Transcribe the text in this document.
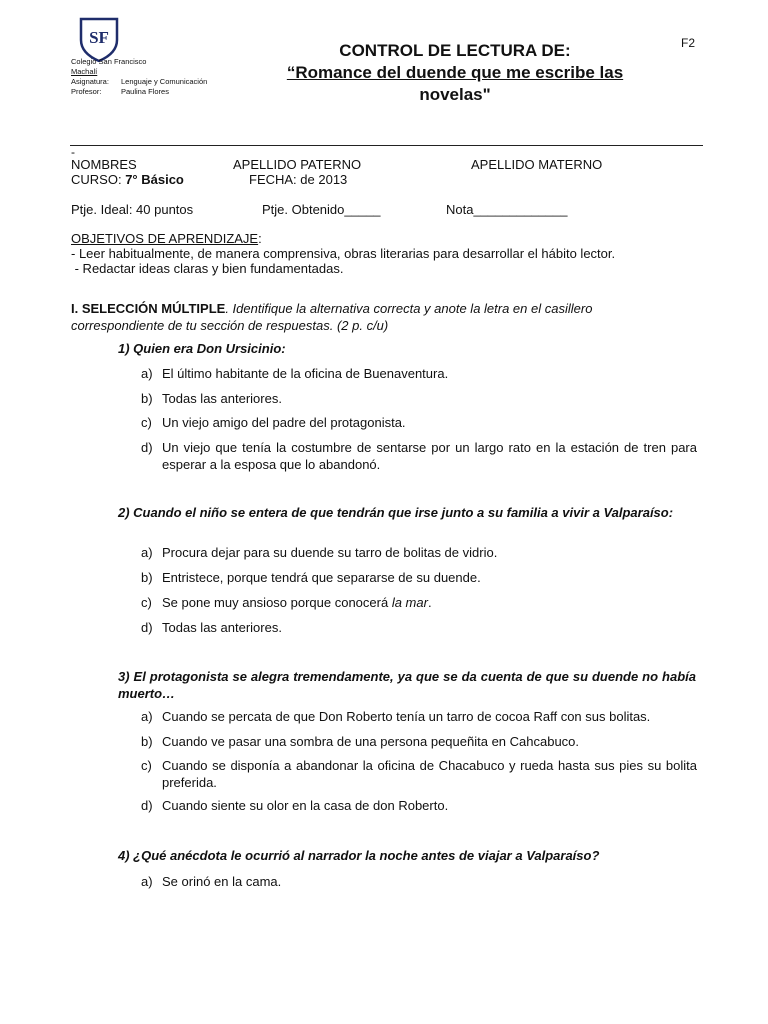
SF
Colegio San Francisco
Machalí
Asignatura: Lenguaje y Comunicación
Profesor:	Paulina Flores
F2
CONTROL DE LECTURA DE:
“Romance del duende que me escribe las
novelas"
-
NOMBRES	APELLIDO PATERNO	APELLIDO MATERNO
CURSO: 7° Básico	FECHA: de 2013
Ptje. Ideal: 40 puntos	Ptje. Obtenido_____	Nota_____________
OBJETIVOS DE APRENDIZAJE:
- Leer habitualmente, de manera comprensiva, obras literarias para desarrollar el hábito lector.
- Redactar ideas claras y bien fundamentadas.
I. SELECCIÓN MÚLTIPLE. Identifique la alternativa correcta y anote la letra en el casillero
correspondiente de tu sección de respuestas. (2 p. c/u)
1) Quien era Don Ursicinio:
a) El último habitante de la oficina de Buenaventura.
b) Todas las anteriores.
c) Un viejo amigo del padre del protagonista.
d) Un viejo que tenía la costumbre de sentarse por un largo rato en la estación de tren para esperar a la esposa que lo abandonó.
2) Cuando el niño se entera de que tendrán que irse junto a su familia a vivir a Valparaíso:
a) Procura dejar para su duende su tarro de bolitas de vidrio.
b) Entristece, porque tendrá que separarse de su duende.
c) Se pone muy ansioso porque conocerá la mar.
d) Todas las anteriores.
3) El protagonista se alegra tremendamente, ya que se da cuenta de que su duende no había muerto…
a) Cuando se percata de que Don Roberto tenía un tarro de cocoa Raff con sus bolitas.
b) Cuando ve pasar una sombra de una persona pequeñita en Cahcabuco.
c) Cuando se disponía a abandonar la oficina de Chacabuco y rueda hasta sus pies su bolita preferida.
d) Cuando siente su olor en la casa de don Roberto.
4) ¿Qué anécdota le ocurrió al narrador la noche antes de viajar a Valparaíso?
a) Se orinó en la cama.
